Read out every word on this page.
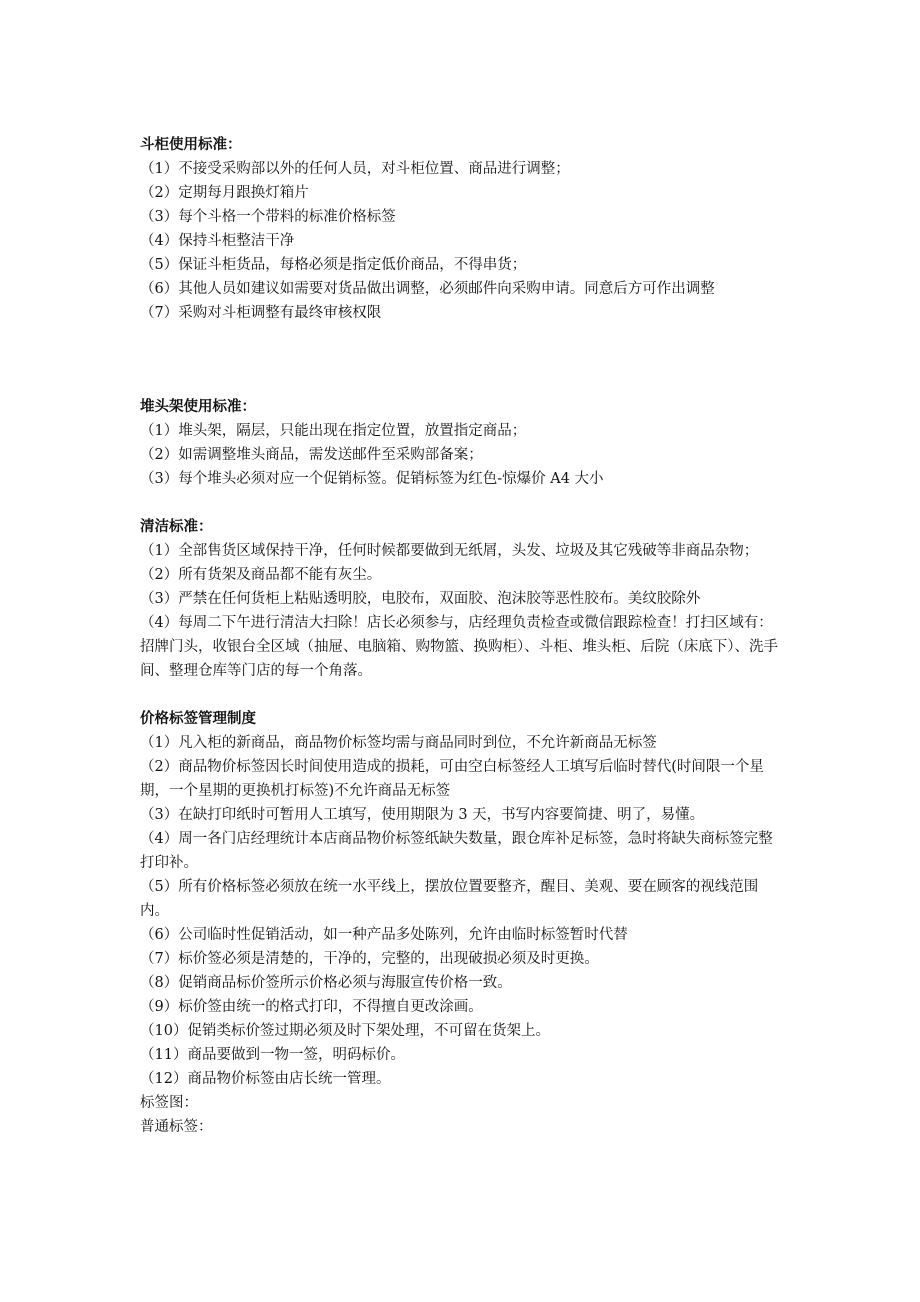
斗柜使用标准：

（1）不接受采购部以外的任何人员，对斗柜位置、商品进行调整；

（2）定期每月跟换灯箱片

（3）每个斗格一个带料的标准价格标签

（4）保持斗柜整洁干净

（5）保证斗柜货品，每格必须是指定低价商品，不得串货；

（6）其他人员如建议如需要对货品做出调整，必须邮件向采购申请。同意后方可作出调整

（7）采购对斗柜调整有最终审核权限

堆头架使用标准：

（1）堆头架，隔层，只能出现在指定位置，放置指定商品；

（2）如需调整堆头商品，需发送邮件至采购部备案；

（3）每个堆头必须对应一个促销标签。促销标签为红色-惊爆价 A4 大小

清洁标准：

（1）全部售货区域保持干净，任何时候都要做到无纸屑，头发、垃圾及其它残破等非商品杂物；

（2）所有货架及商品都不能有灰尘。

（3）严禁在任何货柜上粘贴透明胶，电胶布，双面胶、泡沫胶等恶性胶布。美纹胶除外

（4）每周二下午进行清洁大扫除！店长必须参与，店经理负责检查或微信跟踪检查！打扫区域有：招牌门头，收银台全区域（抽屉、电脑箱、购物篮、换购柜）、斗柜、堆头柜、后院（床底下）、洗手间、整理仓库等门店的每一个角落。

价格标签管理制度

（1）凡入柜的新商品，商品物价标签均需与商品同时到位，不允许新商品无标签

（2）商品物价标签因长时间使用造成的损耗，可由空白标签经人工填写后临时替代(时间限一个星期，一个星期的更换机打标签)不允许商品无标签

（3）在缺打印纸时可暂用人工填写，使用期限为 3 天，书写内容要简捷、明了，易懂。

（4）周一各门店经理统计本店商品物价标签纸缺失数量，跟仓库补足标签，急时将缺失商标签完整打印补。

（5）所有价格标签必须放在统一水平线上，摆放位置要整齐，醒目、美观、要在顾客的视线范围内。

（6）公司临时性促销活动，如一种产品多处陈列，允许由临时标签暂时代替

（7）标价签必须是清楚的，干净的，完整的，出现破损必须及时更换。

（8）促销商品标价签所示价格必须与海服宣传价格一致。

（9）标价签由统一的格式打印，不得擅自更改涂画。

（10）促销类标价签过期必须及时下架处理，不可留在货架上。

（11）商品要做到一物一签，明码标价。

（12）商品物价标签由店长统一管理。

标签图：

普通标签：
